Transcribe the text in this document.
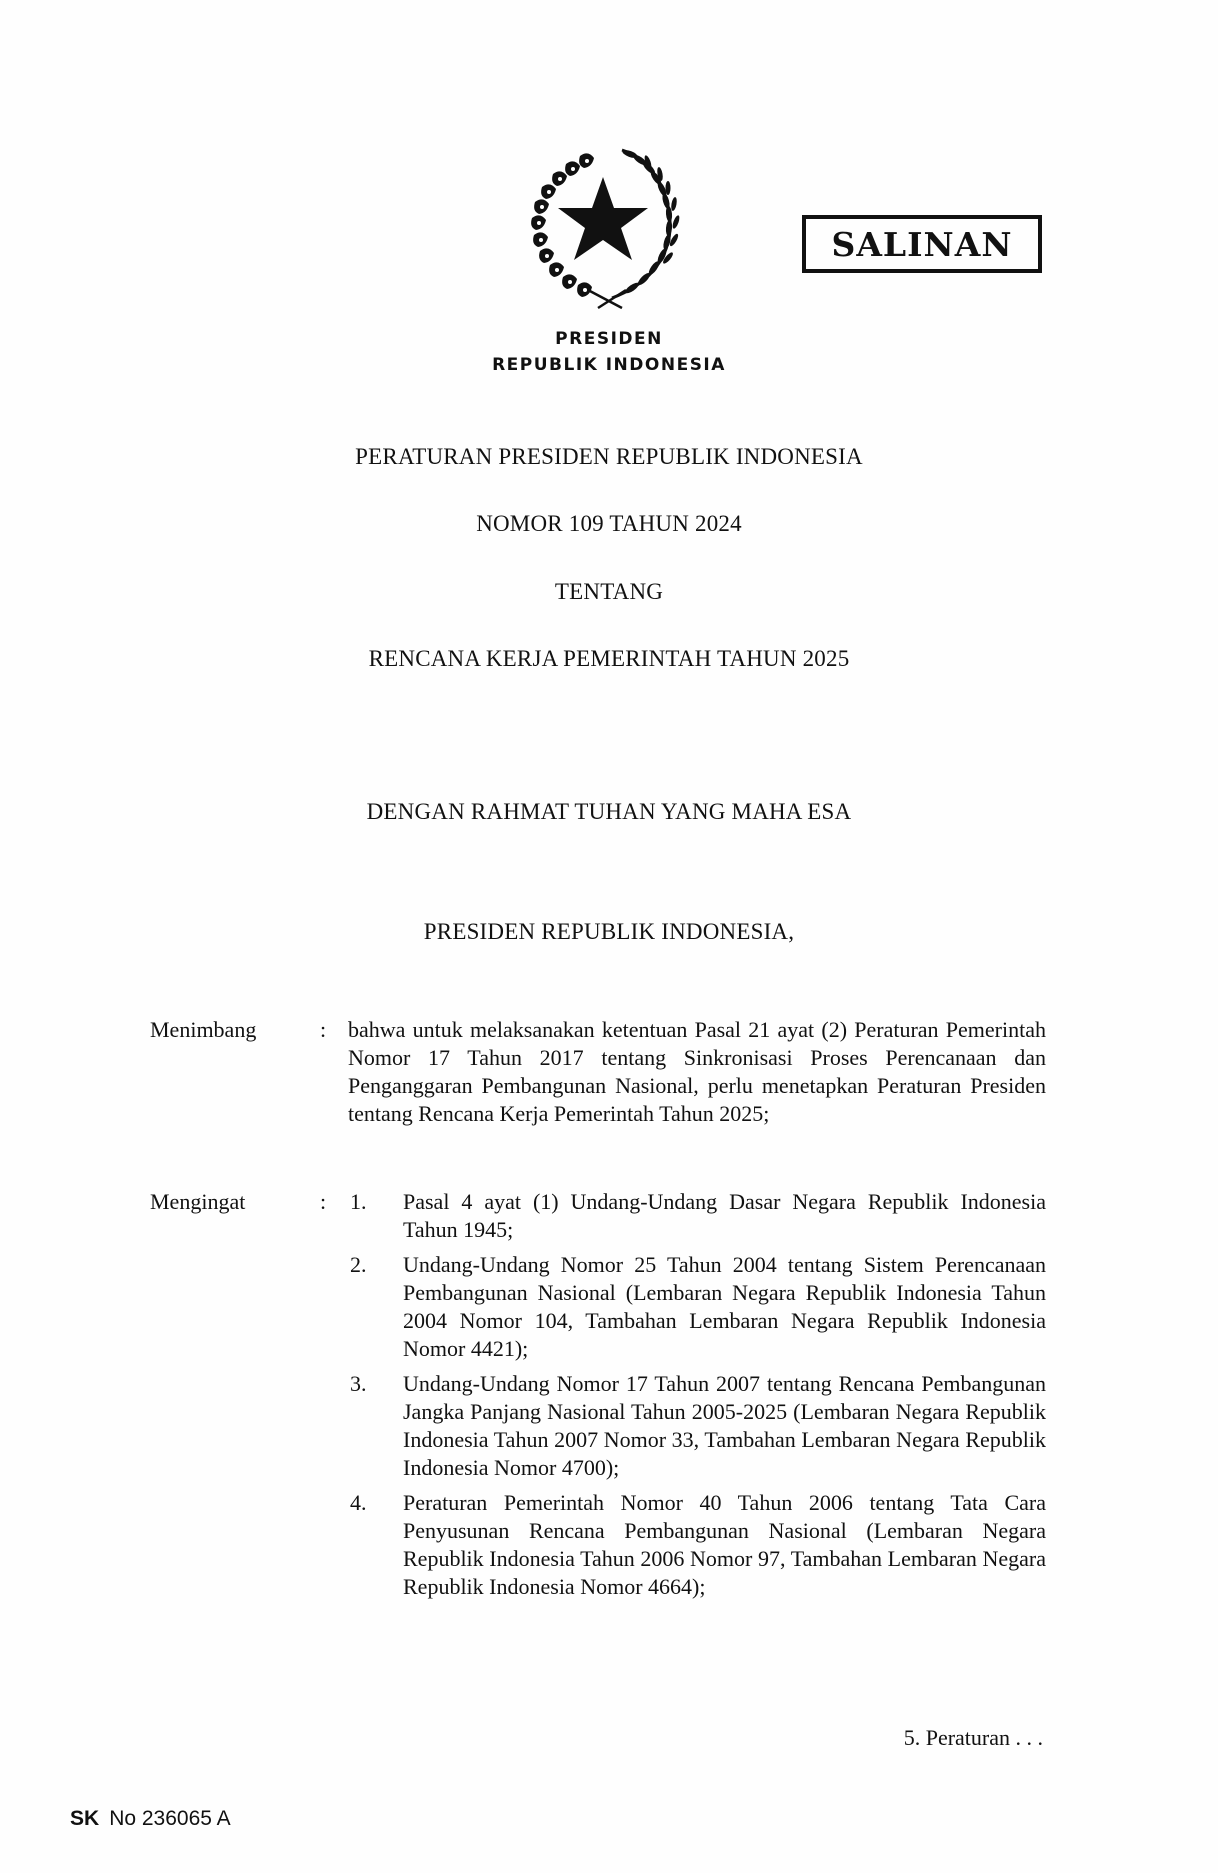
PRESIDEN
REPUBLIK INDONESIA
SALINAN
PERATURAN PRESIDEN REPUBLIK INDONESIA
NOMOR 109 TAHUN 2024
TENTANG
RENCANA KERJA PEMERINTAH TAHUN 2025
DENGAN RAHMAT TUHAN YANG MAHA ESA
PRESIDEN REPUBLIK INDONESIA,
Menimbang	: bahwa untuk melaksanakan ketentuan Pasal 21 ayat (2) Peraturan Pemerintah Nomor 17 Tahun 2017 tentang Sinkronisasi Proses Perencanaan dan Penganggaran Pembangunan Nasional, perlu menetapkan Peraturan Presiden tentang Rencana Kerja Pemerintah Tahun 2025;
Mengingat	: 1. Pasal 4 ayat (1) Undang-Undang Dasar Negara Republik Indonesia Tahun 1945;
2. Undang-Undang Nomor 25 Tahun 2004 tentang Sistem Perencanaan Pembangunan Nasional (Lembaran Negara Republik Indonesia Tahun 2004 Nomor 104, Tambahan Lembaran Negara Republik Indonesia Nomor 4421);
3. Undang-Undang Nomor 17 Tahun 2007 tentang Rencana Pembangunan Jangka Panjang Nasional Tahun 2005-2025 (Lembaran Negara Republik Indonesia Tahun 2007 Nomor 33, Tambahan Lembaran Negara Republik Indonesia Nomor 4700);
4. Peraturan Pemerintah Nomor 40 Tahun 2006 tentang Tata Cara Penyusunan Rencana Pembangunan Nasional (Lembaran Negara Republik Indonesia Tahun 2006 Nomor 97, Tambahan Lembaran Negara Republik Indonesia Nomor 4664);
5. Peraturan . . .
SK No 236065 A
